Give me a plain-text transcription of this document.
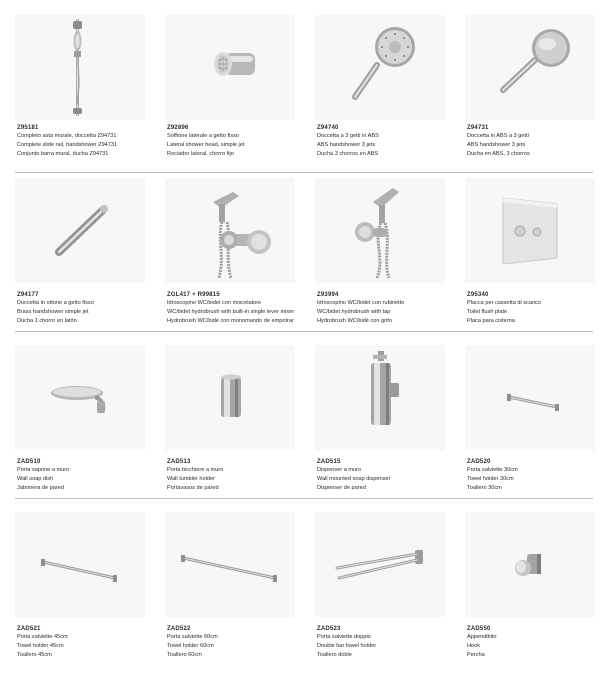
Z95181
Completo asta murale, doccetta Z94731
Complete slide rail, handshower Z94731
Conjunto barra mural, ducha Z94731
Z92896
Soffione laterale a getto fisso
Lateral shower head, simple jet
Rociador lateral, chorro fijo
Z94740
Doccetta a 3 getti in ABS
ABS handshower 3 jets
Ducha 3 chorros en ABS
Z94731
Doccetta in ABS a 3 getti
ABS handshower 3 jets
Ducha en ABS, 3 chorros
Z94177
Doccetta in ottone a getto fisso
Brass handshower simple jet
Ducha 1 chorro en latón
ZGL417 + R99815
Idroscopino WC/bidet con miscelatore
WC/bidet hydrobrush with built-in single lever mixer
Hydrobrush WC/bidé con monomando de empotrar
Z93994
Idroscopino WC/bidet con rubinetto
WC/bidet hydrobrush with tap
Hydrobrush WC/bidé con grifo
Z95340
Placca per cassetta di scarico
Toilet flush plate
Placa para cisterna
ZAD510
Porta sapone a muro
Wall soap dish
Jabonera de pared
ZAD513
Porta bicchiere a muro
Wall tumbler holder
Portavasos de pared
ZAD515
Dispenser a muro
Wall mounted soap dispenser
Dispenser de pared
ZAD520
Porta salviette 30cm
Towel holder 30cm
Toallero 30cm
ZAD521
Porta salviette 45cm
Towel holder 45cm
Toallero 45cm
ZAD522
Porta salviette 60cm
Towel holder 60cm
Toallero 60cm
ZAD523
Porta salviette doppio
Double bar towel holder
Toallero doble
ZAD550
Appendibito
Hook
Percha
